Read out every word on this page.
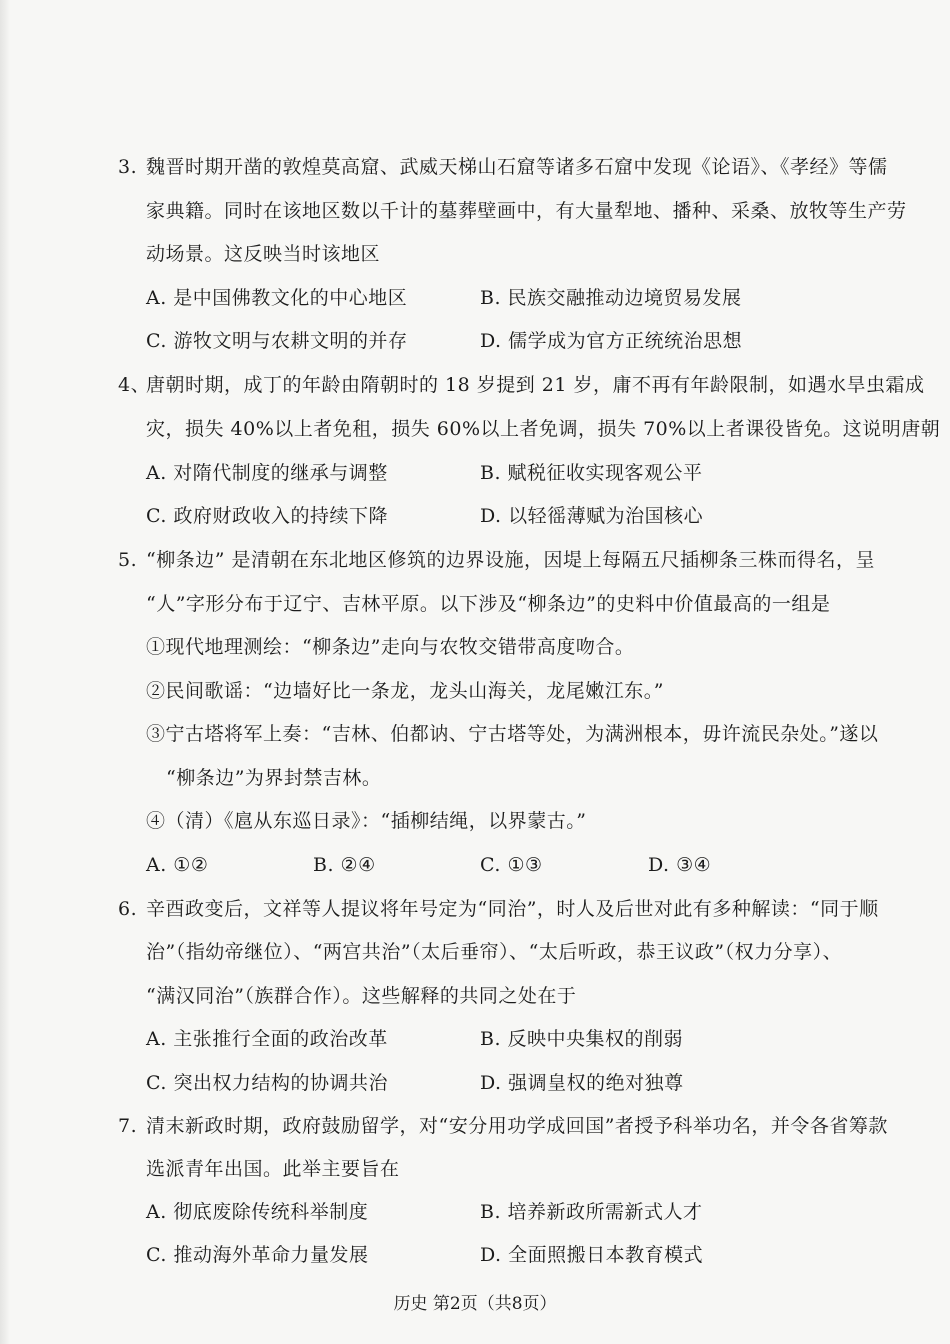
3. 魏晋时期开凿的敦煌莫高窟、武威天梯山石窟等诸多石窟中发现《论语》、《孝经》等儒
家典籍。同时在该地区数以千计的墓葬壁画中，有大量犁地、播种、采桑、放牧等生产劳
动场景。这反映当时该地区
A. 是中国佛教文化的中心地区	B. 民族交融推动边境贸易发展
C. 游牧文明与农耕文明的并存	D. 儒学成为官方正统统治思想
4、唐朝时期，成丁的年龄由隋朝时的 18 岁提到 21 岁，庸不再有年龄限制，如遇水旱虫霜成
灾，损失 40%以上者免租，损失 60%以上者免调，损失 70%以上者课役皆免。这说明唐朝
A. 对隋代制度的继承与调整	B. 赋税征收实现客观公平
C. 政府财政收入的持续下降	D. 以轻徭薄赋为治国核心
5. “柳条边” 是清朝在东北地区修筑的边界设施，因堤上每隔五尺插柳条三株而得名，呈
“人”字形分布于辽宁、吉林平原。以下涉及“柳条边”的史料中价值最高的一组是
①现代地理测绘：“柳条边”走向与农牧交错带高度吻合。
②民间歌谣：“边墙好比一条龙，龙头山海关，龙尾嫩江东。”
③宁古塔将军上奏：“吉林、伯都讷、宁古塔等处，为满洲根本，毋许流民杂处。”遂以
“柳条边”为界封禁吉林。
④（清）《扈从东巡日录》：“插柳结绳，以界蒙古。”
A. ①②	B. ②④	C. ①③	D. ③④
6. 辛酉政变后，文祥等人提议将年号定为“同治”，时人及后世对此有多种解读：“同于顺
治”（指幼帝继位）、“两宫共治”（太后垂帘）、“太后听政，恭王议政”（权力分享）、
“满汉同治”（族群合作）。这些解释的共同之处在于
A. 主张推行全面的政治改革	B. 反映中央集权的削弱
C. 突出权力结构的协调共治	D. 强调皇权的绝对独尊
7. 清末新政时期，政府鼓励留学，对“安分用功学成回国”者授予科举功名，并令各省筹款
选派青年出国。此举主要旨在
A. 彻底废除传统科举制度	B. 培养新政所需新式人才
C. 推动海外革命力量发展	D. 全面照搬日本教育模式
历史 第2页（共8页）
